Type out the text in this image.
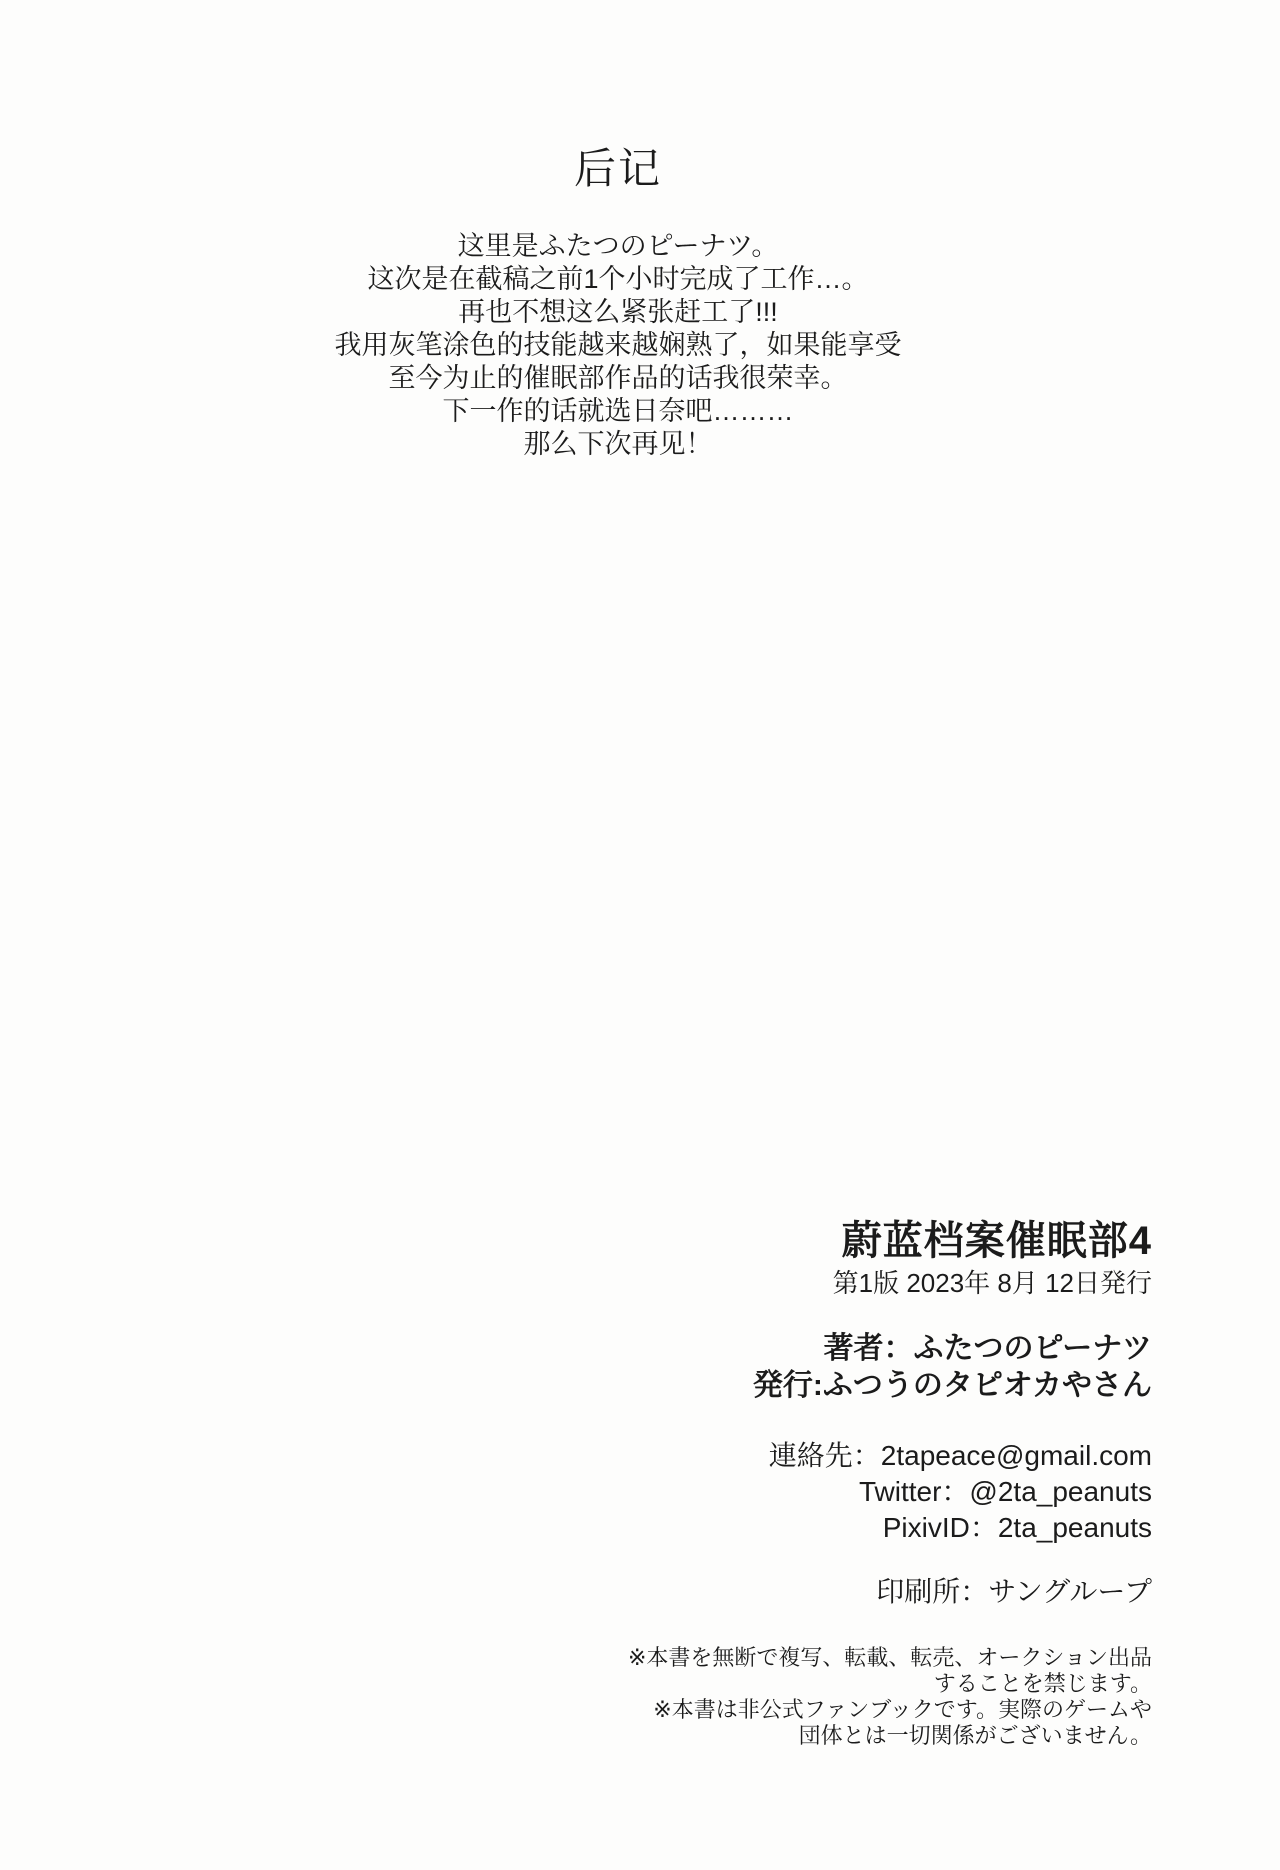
后记
这里是ふたつのピーナツ。
这次是在截稿之前1个小时完成了工作…。
再也不想这么紧张赶工了!!!
我用灰笔涂色的技能越来越娴熟了，如果能享受
至今为止的催眠部作品的话我很荣幸。
下一作的话就选日奈吧………
那么下次再见！
蔚蓝档案催眠部4
第1版 2023年 8月 12日発行
著者：ふたつのピーナツ
発行:ふつうのタピオカやさん
連絡先：2tapeace@gmail.com
Twitter：@2ta_peanuts
PixivID：2ta_peanuts
印刷所：サングループ
※本書を無断で複写、転載、転売、オークション出品
することを禁じます。
※本書は非公式ファンブックです。実際のゲームや
団体とは一切関係がございません。
